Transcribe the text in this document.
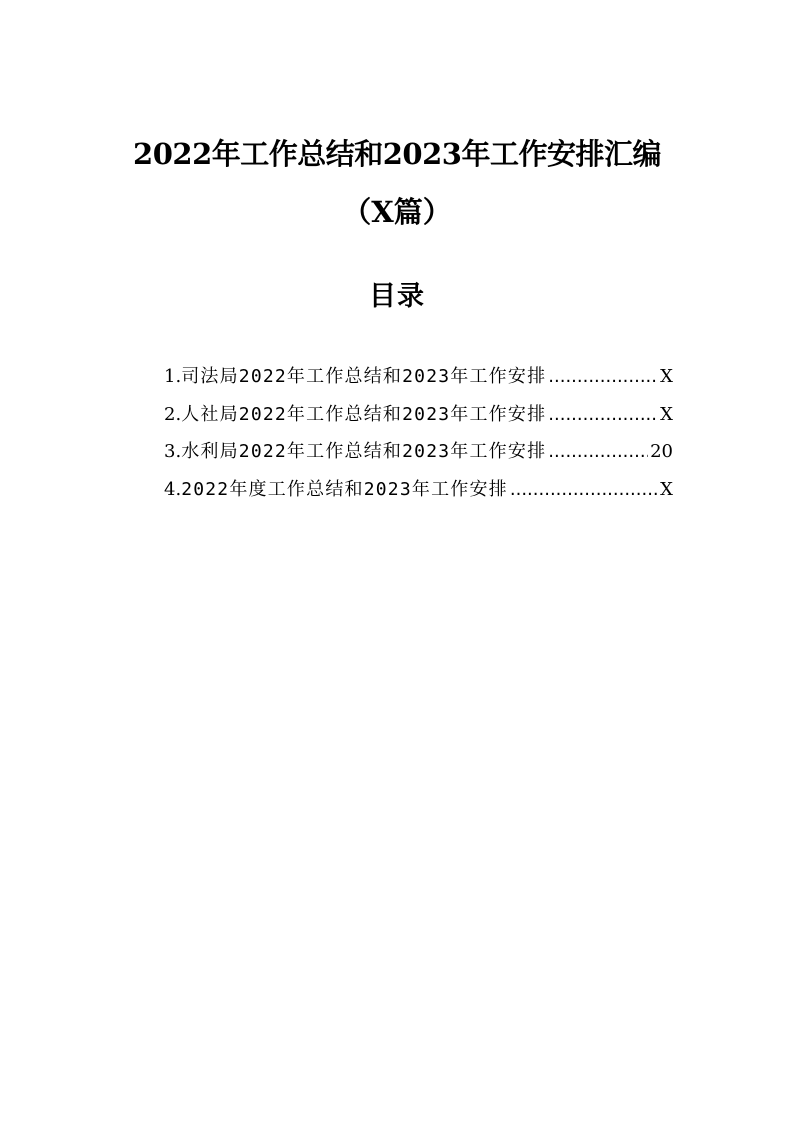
2022年工作总结和2023年工作安排汇编
（X篇）
目录
1. 司法局2022年工作总结和2023年工作安排 .....	X
2. 人社局2022年工作总结和2023年工作安排 .....	X
3. 水利局2022年工作总结和2023年工作安排 .....	20
4. 2022年度工作总结和2023年工作安排 .....	X
